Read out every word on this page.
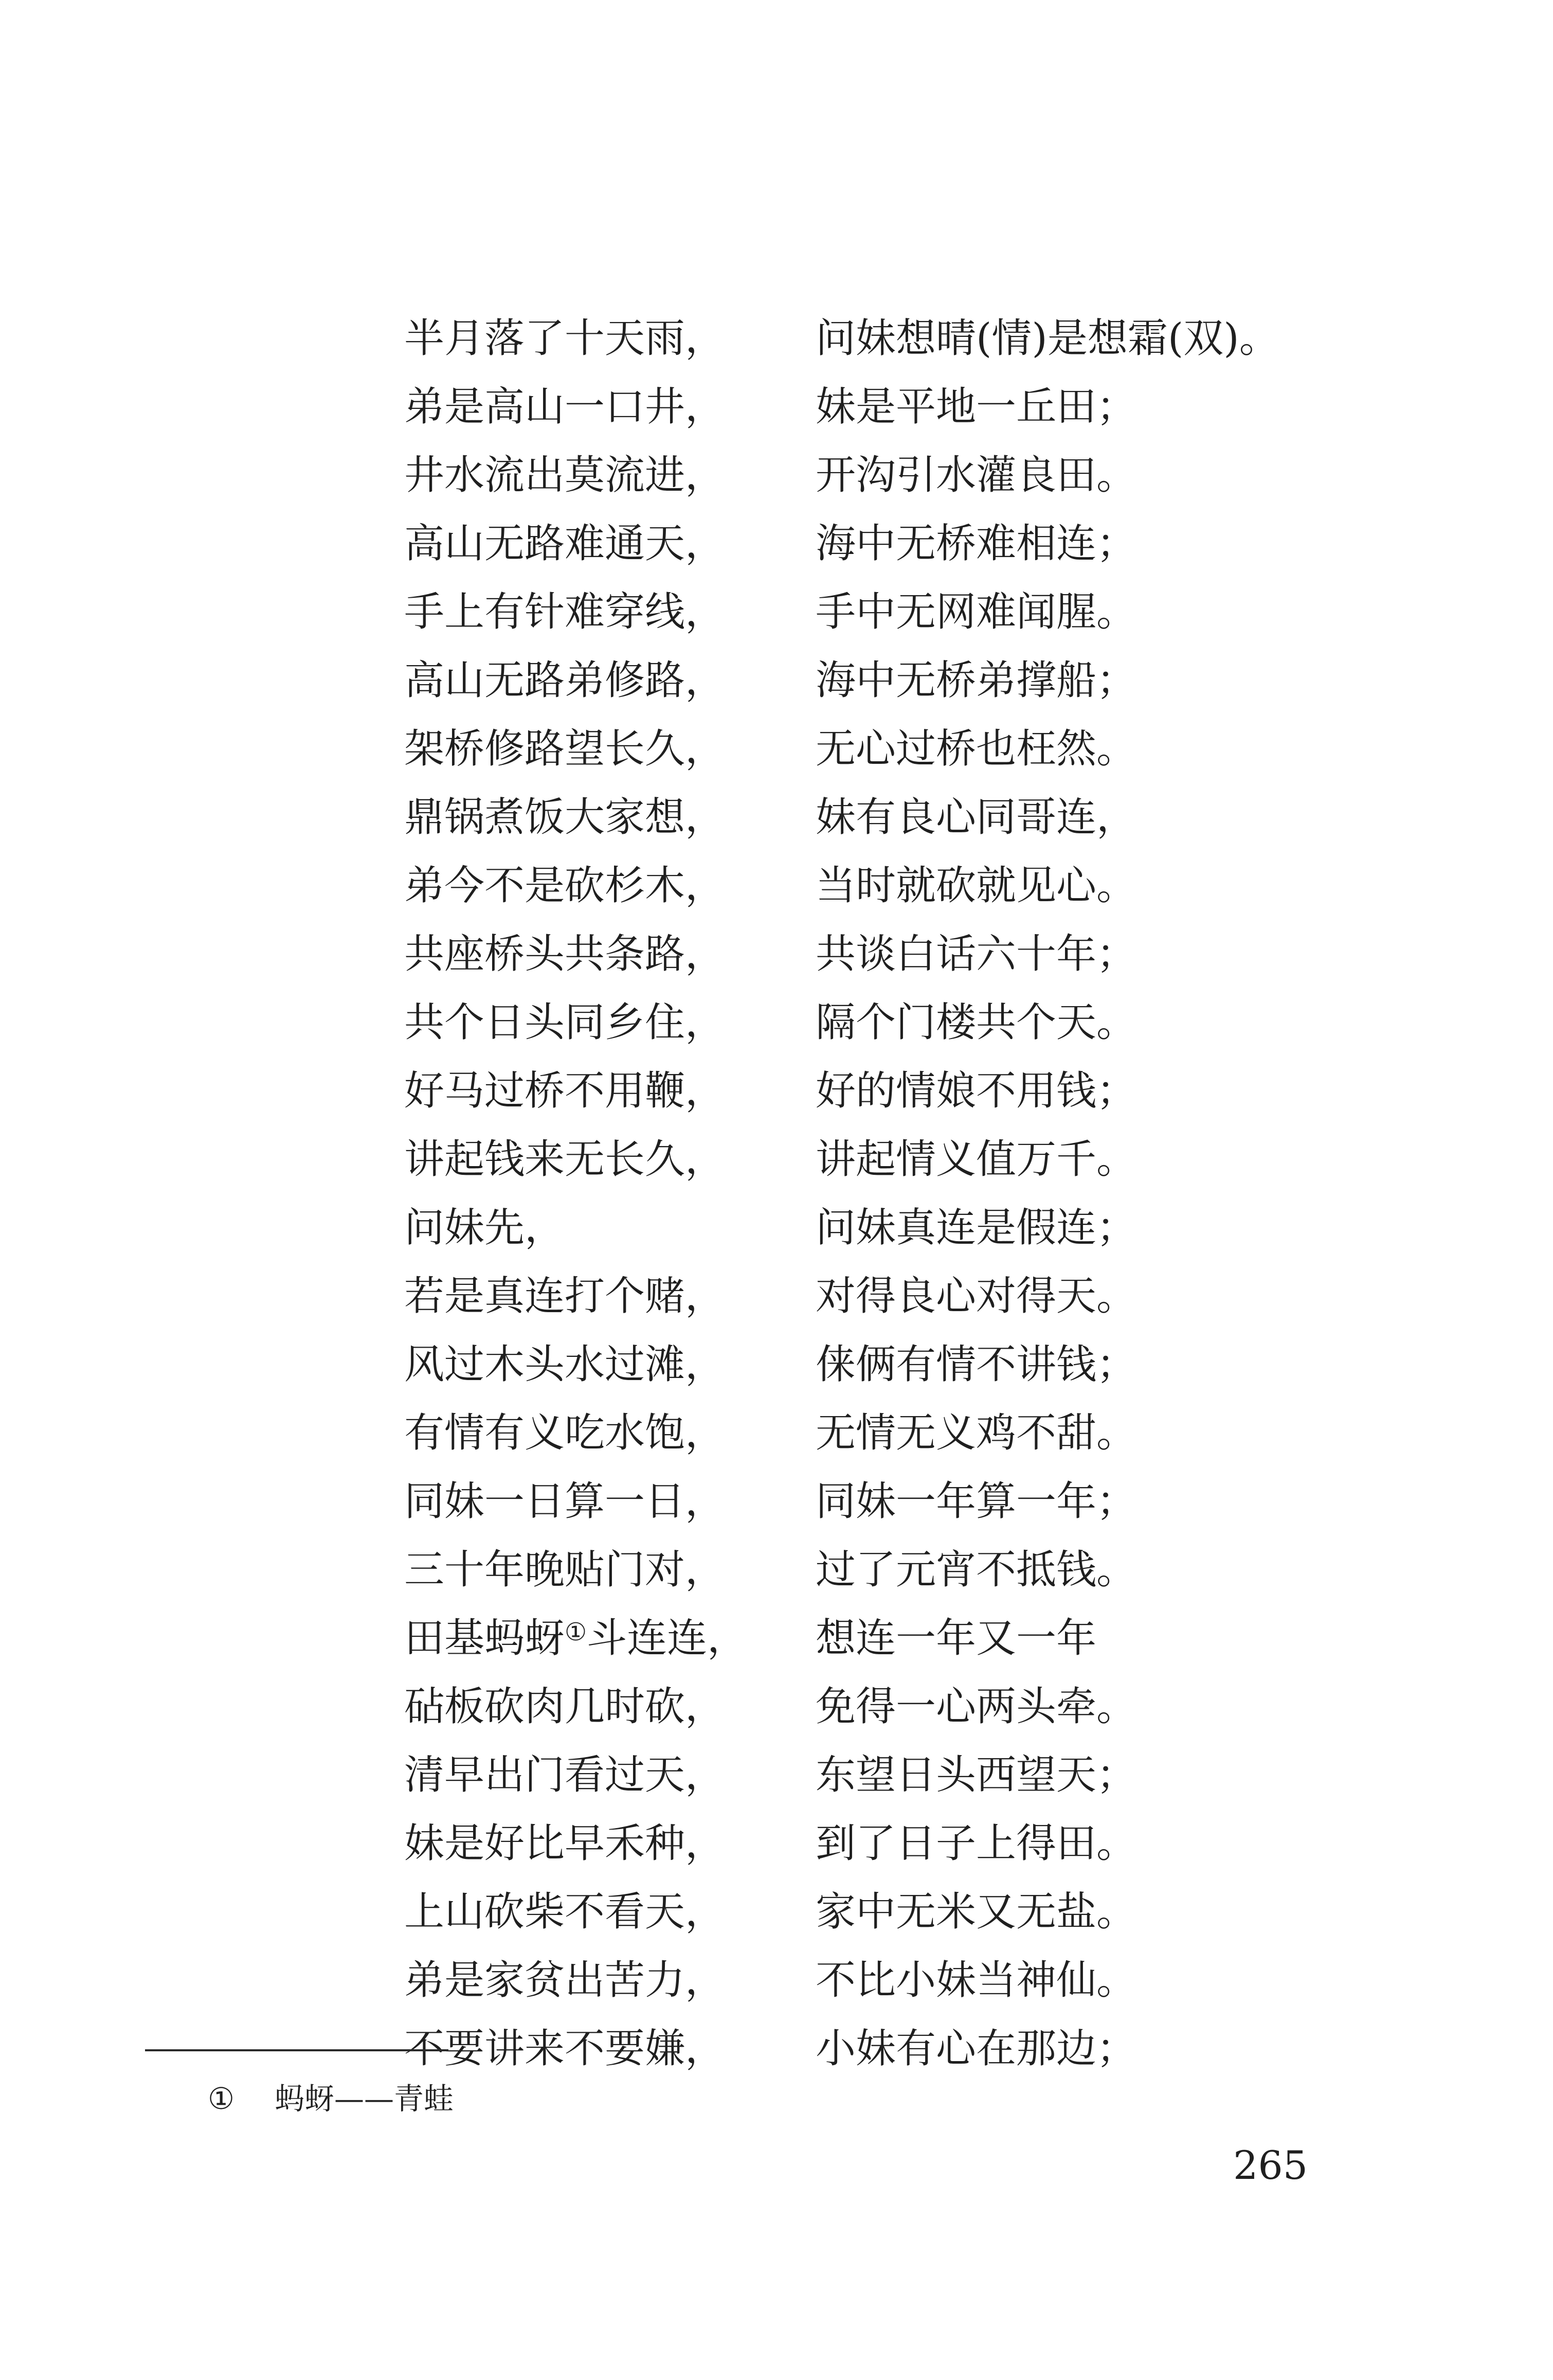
半月落了十天雨， 问妹想晴(情)是想霜(双)。
弟是高山一口井， 妹是平地一丘田；
井水流出莫流进， 开沟引水灌良田。
高山无路难通天， 海中无桥难相连；
手上有针难穿线， 手中无网难闻腥。
高山无路弟修路， 海中无桥弟撑船；
架桥修路望长久， 无心过桥也枉然。
鼎锅煮饭大家想， 妹有良心同哥连，
弟今不是砍杉木， 当时就砍就见心。
共座桥头共条路， 共谈白话六十年；
共个日头同乡住， 隔个门楼共个天。
好马过桥不用鞭， 好的情娘不用钱；
讲起钱来无长久， 讲起情义值万千。
问妹先，	问妹真连是假连；
若是真连打个赌， 对得良心对得天。
风过木头水过滩， 俫俩有情不讲钱；
有情有义吃水饱， 无情无义鸡不甜。
同妹一日算一日， 同妹一年算一年；
三十年晚贴门对， 过了元宵不抵钱。
田基蚂蚜①斗连连， 想连一年又一年
砧板砍肉几时砍， 免得一心两头牵。
清早出门看过天， 东望日头西望天；
妹是好比早禾种， 到了日子上得田。
上山砍柴不看天， 家中无米又无盐。
弟是家贫出苦力， 不比小妹当神仙。
不要讲来不要嫌， 小妹有心在那边；
① 蚂蚜——青蛙
265
